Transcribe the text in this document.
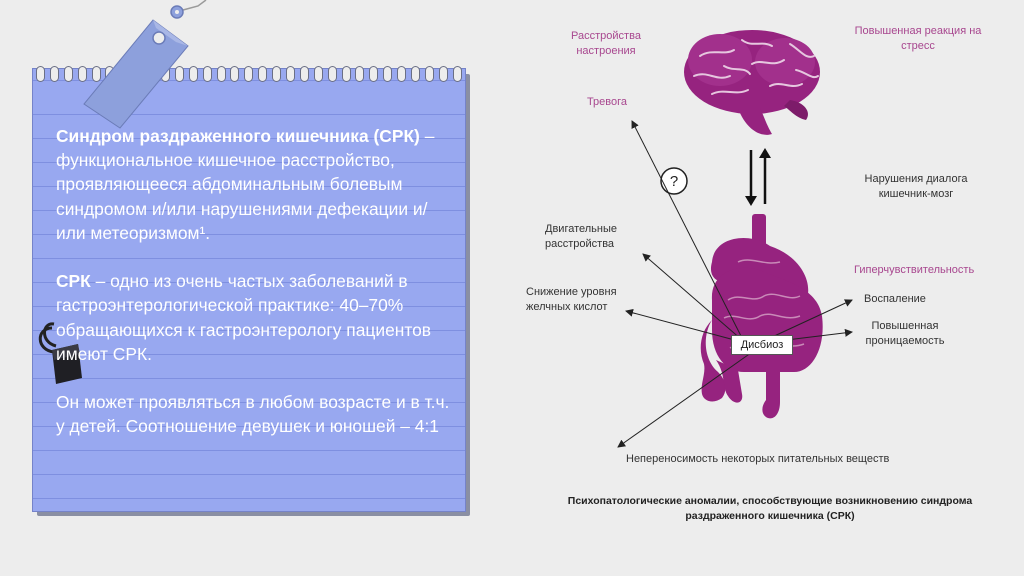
Синдром раздраженного кишечника (СРК) – функциональное кишечное расстройство, проявляющееся абдоминальным болевым синдромом и/или нарушениями дефекации и/или метеоризмом¹.

СРК – одно из очень частых заболеваний в гастроэнтерологической практике: 40–70% обращающихся к гастроэнтерологу пациентов имеют СРК.

Он может проявляться в любом возрасте и в т.ч. у детей. Соотношение девушек и юношей – 4:1

?
Дисбиоз
Расстройства настроения
Повышенная реакция на стресс
Тревога
Нарушения диалога кишечник-мозг
Двигательные расстройства
Гиперчувствительность
Снижение уровня желчных кислот
Воспаление
Повышенная проницаемость
Непереносимость некоторых питательных веществ
Психопатологические аномалии, способствующие возникновению синдрома раздраженного кишечника (СРК)
